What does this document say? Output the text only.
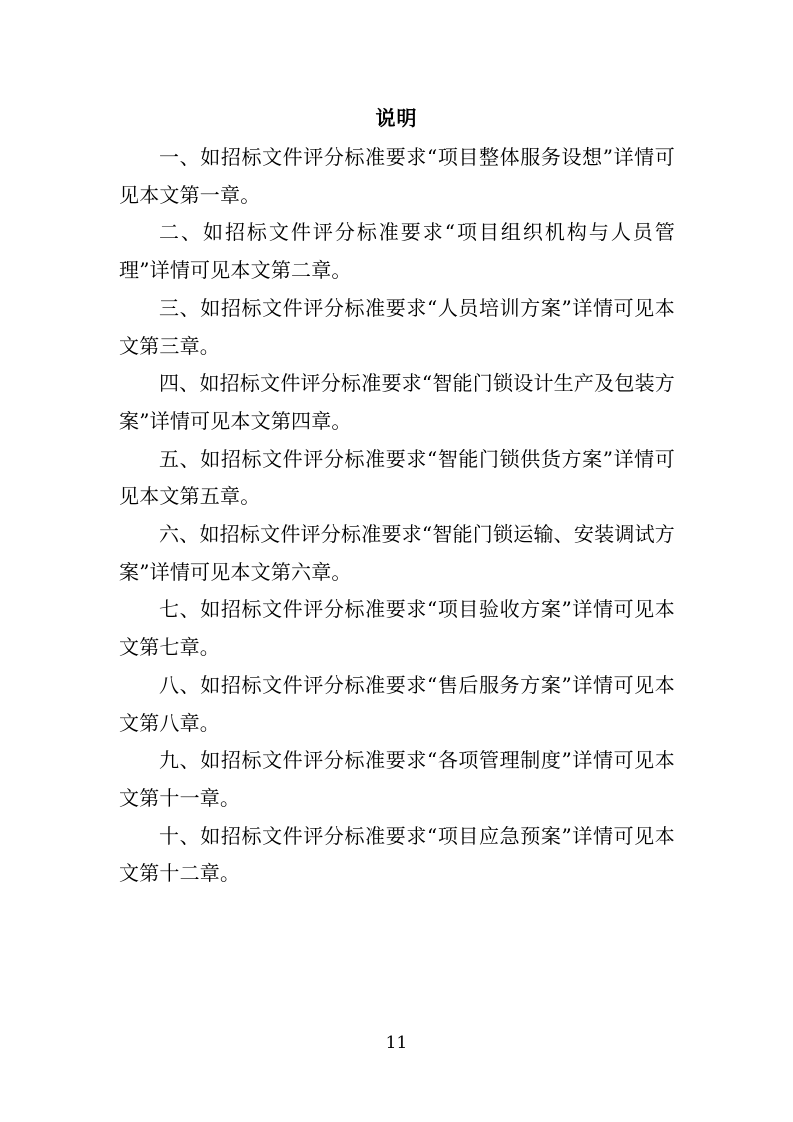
说明

一、如招标文件评分标准要求“项目整体服务设想”详情可见本文第一章。

二、如招标文件评分标准要求“项目组织机构与人员管理”详情可见本文第二章。

三、如招标文件评分标准要求“人员培训方案”详情可见本文第三章。

四、如招标文件评分标准要求“智能门锁设计生产及包装方案”详情可见本文第四章。

五、如招标文件评分标准要求“智能门锁供货方案”详情可见本文第五章。

六、如招标文件评分标准要求“智能门锁运输、安装调试方案”详情可见本文第六章。

七、如招标文件评分标准要求“项目验收方案”详情可见本文第七章。

八、如招标文件评分标准要求“售后服务方案”详情可见本文第八章。

九、如招标文件评分标准要求“各项管理制度”详情可见本文第十一章。

十、如招标文件评分标准要求“项目应急预案”详情可见本文第十二章。

11
